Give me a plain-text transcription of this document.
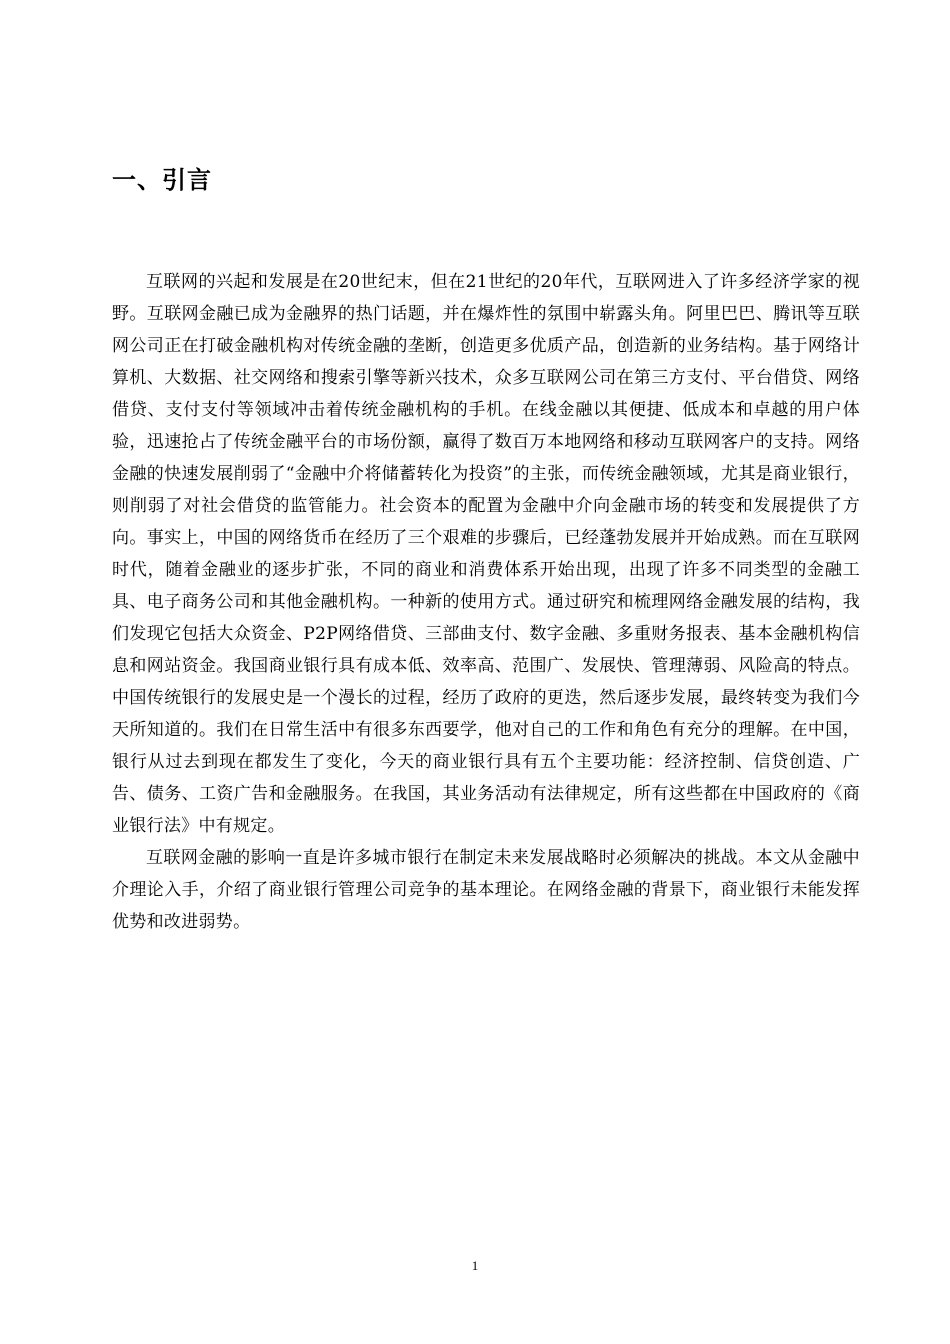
一、引言

互联网的兴起和发展是在20世纪末，但在21世纪的20年代，互联网进入了许多经济学家的视野。互联网金融已成为金融界的热门话题，并在爆炸性的氛围中崭露头角。阿里巴巴、腾讯等互联网公司正在打破金融机构对传统金融的垄断，创造更多优质产品，创造新的业务结构。基于网络计算机、大数据、社交网络和搜索引擎等新兴技术，众多互联网公司在第三方支付、平台借贷、网络借贷、支付支付等领域冲击着传统金融机构的手机。在线金融以其便捷、低成本和卓越的用户体验，迅速抢占了传统金融平台的市场份额，赢得了数百万本地网络和移动互联网客户的支持。网络金融的快速发展削弱了“金融中介将储蓄转化为投资”的主张，而传统金融领域，尤其是商业银行，则削弱了对社会借贷的监管能力。社会资本的配置为金融中介向金融市场的转变和发展提供了方向。事实上，中国的网络货币在经历了三个艰难的步骤后，已经蓬勃发展并开始成熟。而在互联网时代，随着金融业的逐步扩张，不同的商业和消费体系开始出现，出现了许多不同类型的金融工具、电子商务公司和其他金融机构。一种新的使用方式。通过研究和梳理网络金融发展的结构，我们发现它包括大众资金、P2P网络借贷、三部曲支付、数字金融、多重财务报表、基本金融机构信息和网站资金。我国商业银行具有成本低、效率高、范围广、发展快、管理薄弱、风险高的特点。中国传统银行的发展史是一个漫长的过程，经历了政府的更迭，然后逐步发展，最终转变为我们今天所知道的。我们在日常生活中有很多东西要学，他对自己的工作和角色有充分的理解。在中国，银行从过去到现在都发生了变化，今天的商业银行具有五个主要功能：经济控制、信贷创造、广告、债务、工资广告和金融服务。在我国，其业务活动有法律规定，所有这些都在中国政府的《商业银行法》中有规定。

互联网金融的影响一直是许多城市银行在制定未来发展战略时必须解决的挑战。本文从金融中介理论入手，介绍了商业银行管理公司竞争的基本理论。在网络金融的背景下，商业银行未能发挥优势和改进弱势。

1
